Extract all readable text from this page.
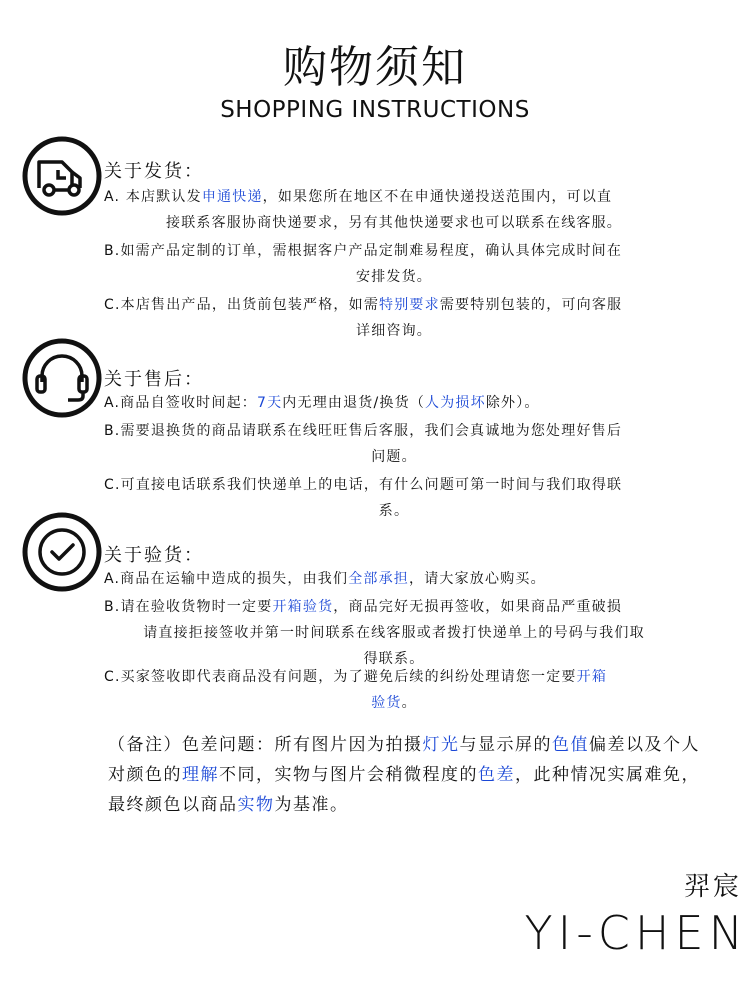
购物须知
SHOPPING INSTRUCTIONS
关于发货：
A. 本店默认发申通快递，如果您所在地区不在申通快递投送范围内，可以直
接联系客服协商快递要求，另有其他快递要求也可以联系在线客服。
B.如需产品定制的订单，需根据客户产品定制难易程度，确认具体完成时间在
安排发货。
C.本店售出产品，出货前包装严格，如需特别要求需要特别包装的，可向客服
详细咨询。
关于售后：
A.商品自签收时间起：7天内无理由退货/换货（人为损坏除外）。
B.需要退换货的商品请联系在线旺旺售后客服，我们会真诚地为您处理好售后
问题。
C.可直接电话联系我们快递单上的电话，有什么问题可第一时间与我们取得联
系。
关于验货：
A.商品在运输中造成的损失，由我们全部承担，请大家放心购买。
B.请在验收货物时一定要开箱验货，商品完好无损再签收，如果商品严重破损
请直接拒接签收并第一时间联系在线客服或者拨打快递单上的号码与我们取
得联系。
C.买家签收即代表商品没有问题，为了避免后续的纠纷处理请您一定要开箱
验货。
（备注）色差问题：所有图片因为拍摄灯光与显示屏的色值偏差以及个人对颜色的理解不同，实物与图片会稍微程度的色差，此种情况实属难免，最终颜色以商品实物为基准。
羿宸
YI-CHEN
